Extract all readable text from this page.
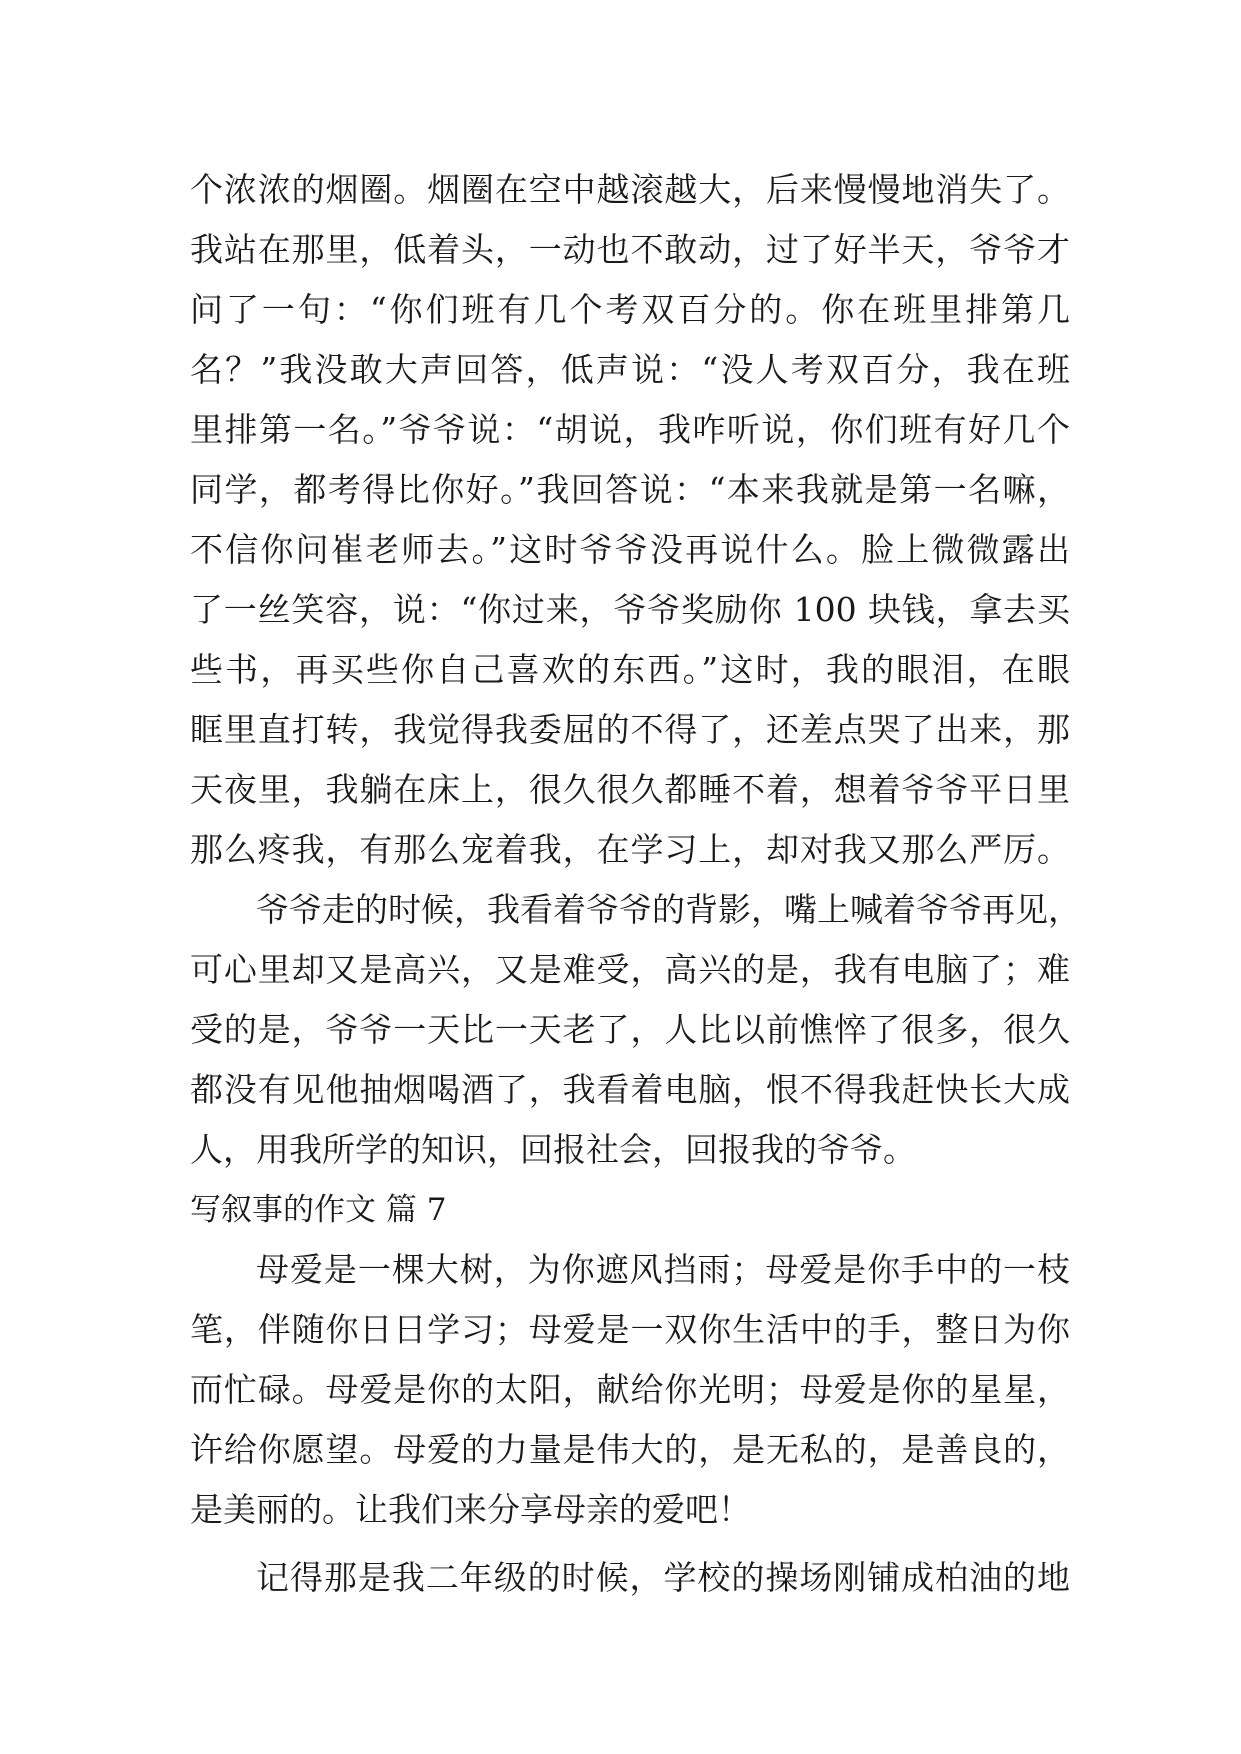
个浓浓的烟圈。烟圈在空中越滚越大，后来慢慢地消失了。
我站在那里，低着头，一动也不敢动，过了好半天，爷爷才
问了一句：“你们班有几个考双百分的。你在班里排第几
名？”我没敢大声回答，低声说：“没人考双百分，我在班
里排第一名。”爷爷说：“胡说，我咋听说，你们班有好几个
同学，都考得比你好。”我回答说：“本来我就是第一名嘛，
不信你问崔老师去。”这时爷爷没再说什么。脸上微微露出
了一丝笑容，说：“你过来，爷爷奖励你 100 块钱，拿去买
些书，再买些你自己喜欢的东西。”这时，我的眼泪，在眼
眶里直打转，我觉得我委屈的不得了，还差点哭了出来，那
天夜里，我躺在床上，很久很久都睡不着，想着爷爷平日里
那么疼我，有那么宠着我，在学习上，却对我又那么严厉。
爷爷走的时候，我看着爷爷的背影，嘴上喊着爷爷再见，
可心里却又是高兴，又是难受，高兴的是，我有电脑了；难
受的是，爷爷一天比一天老了，人比以前憔悴了很多，很久
都没有见他抽烟喝酒了，我看着电脑，恨不得我赶快长大成
人，用我所学的知识，回报社会，回报我的爷爷。
写叙事的作文 篇 7
母爱是一棵大树，为你遮风挡雨；母爱是你手中的一枝
笔，伴随你日日学习；母爱是一双你生活中的手，整日为你
而忙碌。母爱是你的太阳，献给你光明；母爱是你的星星，
许给你愿望。母爱的力量是伟大的，是无私的，是善良的，
是美丽的。让我们来分享母亲的爱吧！
记得那是我二年级的时候，学校的操场刚铺成柏油的地
